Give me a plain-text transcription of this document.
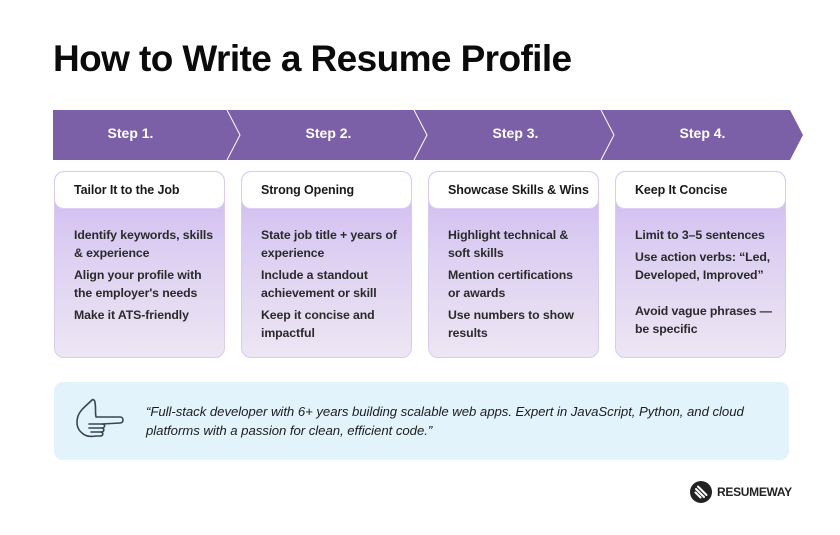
How to Write a Resume Profile
Step 1.	Step 2.	Step 3.	Step 4.
Tailor It to the Job
Identify keywords, skills & experience
Align your profile with the employer's needs
Make it ATS-friendly
Strong Opening
State job title + years of experience
Include a standout achievement or skill
Keep it concise and impactful
Showcase Skills & Wins
Highlight technical & soft skills
Mention certifications or awards
Use numbers to show results
Keep It Concise
Limit to 3–5 sentences
Use action verbs: “Led, Developed, Improved”
Avoid vague phrases —be specific
“Full-stack developer with 6+ years building scalable web apps. Expert in JavaScript, Python, and cloud platforms with a passion for clean, efficient code.”
RESUMEWAY
